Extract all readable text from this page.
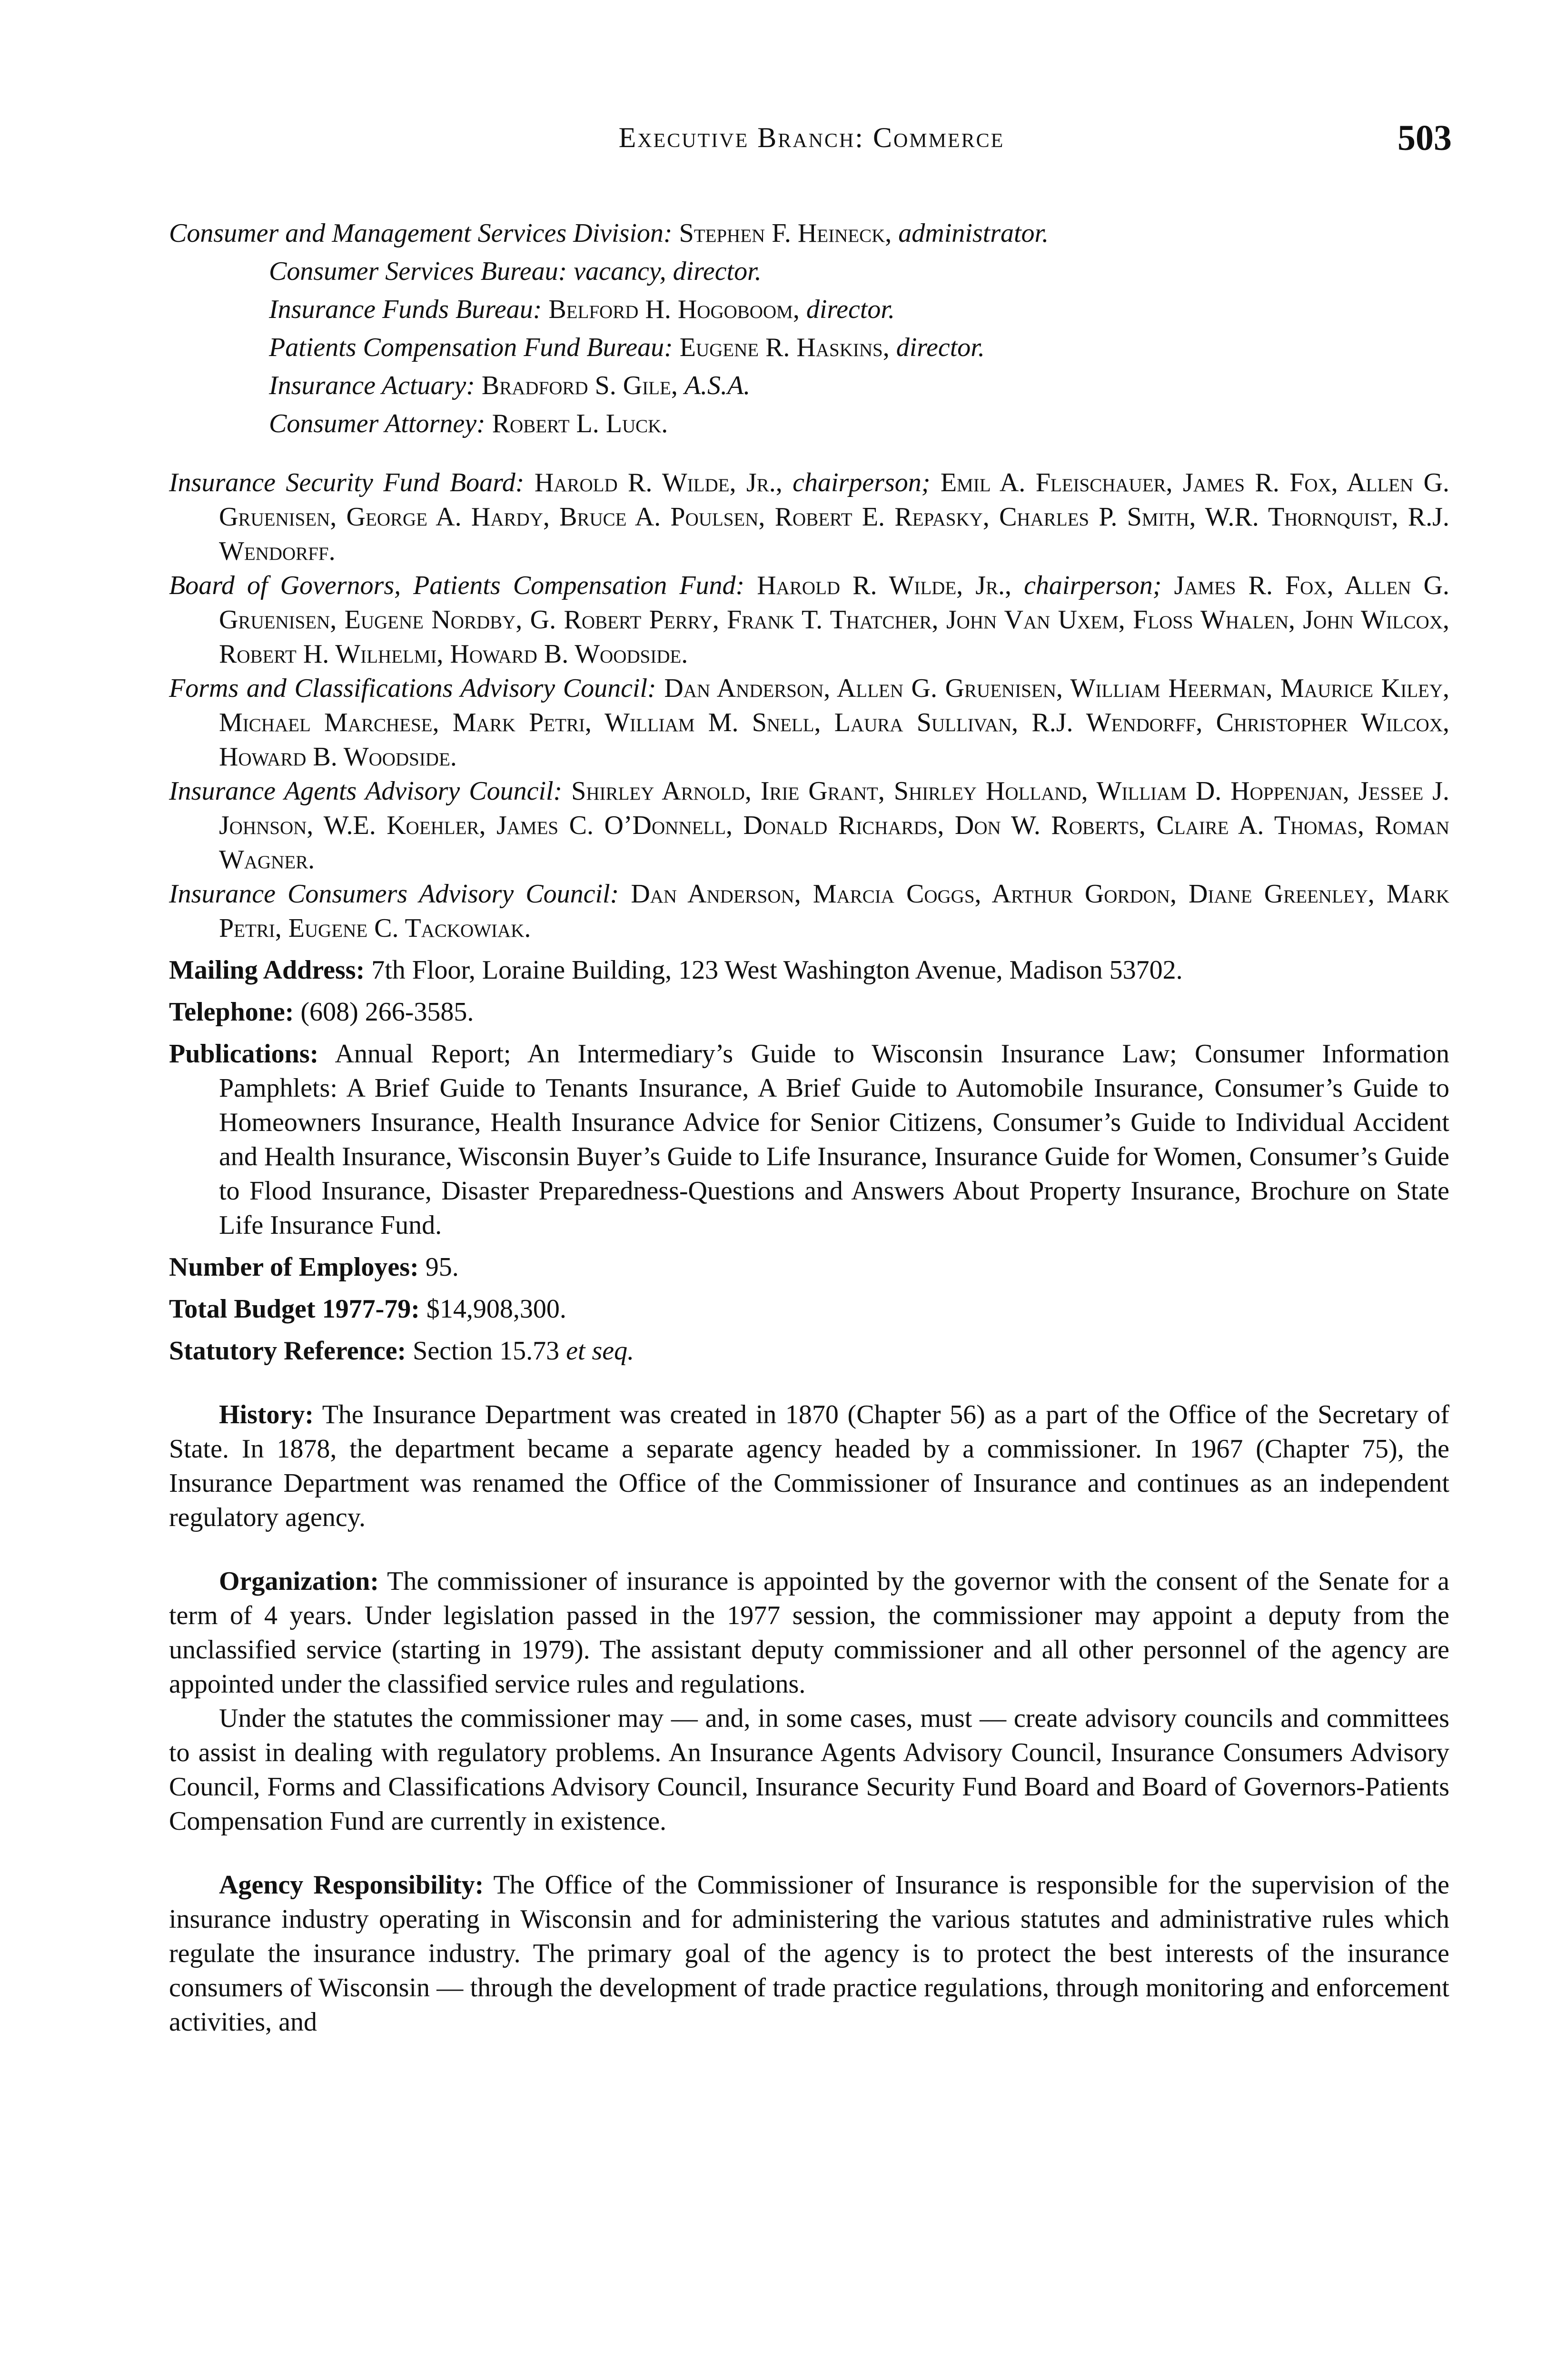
Executive Branch: Commerce	503
Consumer and Management Services Division: Stephen F. Heineck, administrator.
Consumer Services Bureau: vacancy, director.
Insurance Funds Bureau: Belford H. Hogoboom, director.
Patients Compensation Fund Bureau: Eugene R. Haskins, director.
Insurance Actuary: Bradford S. Gile, A.S.A.
Consumer Attorney: Robert L. Luck.
Insurance Security Fund Board: Harold R. Wilde, Jr., chairperson; Emil A. Fleischauer, James R. Fox, Allen G. Gruenisen, George A. Hardy, Bruce A. Poulsen, Robert E. Repasky, Charles P. Smith, W.R. Thornquist, R.J. Wendorff.
Board of Governors, Patients Compensation Fund: Harold R. Wilde, Jr., chairperson; James R. Fox, Allen G. Gruenisen, Eugene Nordby, G. Robert Perry, Frank T. Thatcher, John Van Uxem, Floss Whalen, John Wilcox, Robert H. Wilhelmi, Howard B. Woodside.
Forms and Classifications Advisory Council: Dan Anderson, Allen G. Gruenisen, William Heerman, Maurice Kiley, Michael Marchese, Mark Petri, William M. Snell, Laura Sullivan, R.J. Wendorff, Christopher Wilcox, Howard B. Woodside.
Insurance Agents Advisory Council: Shirley Arnold, Irie Grant, Shirley Holland, William D. Hoppenjan, Jessee J. Johnson, W.E. Koehler, James C. O’Donnell, Donald Richards, Don W. Roberts, Claire A. Thomas, Roman Wagner.
Insurance Consumers Advisory Council: Dan Anderson, Marcia Coggs, Arthur Gordon, Diane Greenley, Mark Petri, Eugene C. Tackowiak.
Mailing Address: 7th Floor, Loraine Building, 123 West Washington Avenue, Madison 53702.
Telephone: (608) 266-3585.
Publications: Annual Report; An Intermediary’s Guide to Wisconsin Insurance Law; Consumer Information Pamphlets: A Brief Guide to Tenants Insurance, A Brief Guide to Automobile Insurance, Consumer’s Guide to Homeowners Insurance, Health Insurance Advice for Senior Citizens, Consumer’s Guide to Individual Accident and Health Insurance, Wisconsin Buyer’s Guide to Life Insurance, Insurance Guide for Women, Consumer’s Guide to Flood Insurance, Disaster Preparedness-Questions and Answers About Property Insurance, Brochure on State Life Insurance Fund.
Number of Employes: 95.
Total Budget 1977-79: $14,908,300.
Statutory Reference: Section 15.73 et seq.
History: The Insurance Department was created in 1870 (Chapter 56) as a part of the Office of the Secretary of State. In 1878, the department became a separate agency headed by a commissioner. In 1967 (Chapter 75), the Insurance Department was renamed the Office of the Commissioner of Insurance and continues as an independent regulatory agency.
Organization: The commissioner of insurance is appointed by the governor with the consent of the Senate for a term of 4 years. Under legislation passed in the 1977 session, the commissioner may appoint a deputy from the unclassified service (starting in 1979). The assistant deputy commissioner and all other personnel of the agency are appointed under the classified service rules and regulations.
Under the statutes the commissioner may — and, in some cases, must — create advisory councils and committees to assist in dealing with regulatory problems. An Insurance Agents Advisory Council, Insurance Consumers Advisory Council, Forms and Classifications Advisory Council, Insurance Security Fund Board and Board of Governors-Patients Compensation Fund are currently in existence.
Agency Responsibility: The Office of the Commissioner of Insurance is responsible for the supervision of the insurance industry operating in Wisconsin and for administering the various statutes and administrative rules which regulate the insurance industry. The primary goal of the agency is to protect the best interests of the insurance consumers of Wisconsin — through the development of trade practice regulations, through monitoring and enforcement activities, and
